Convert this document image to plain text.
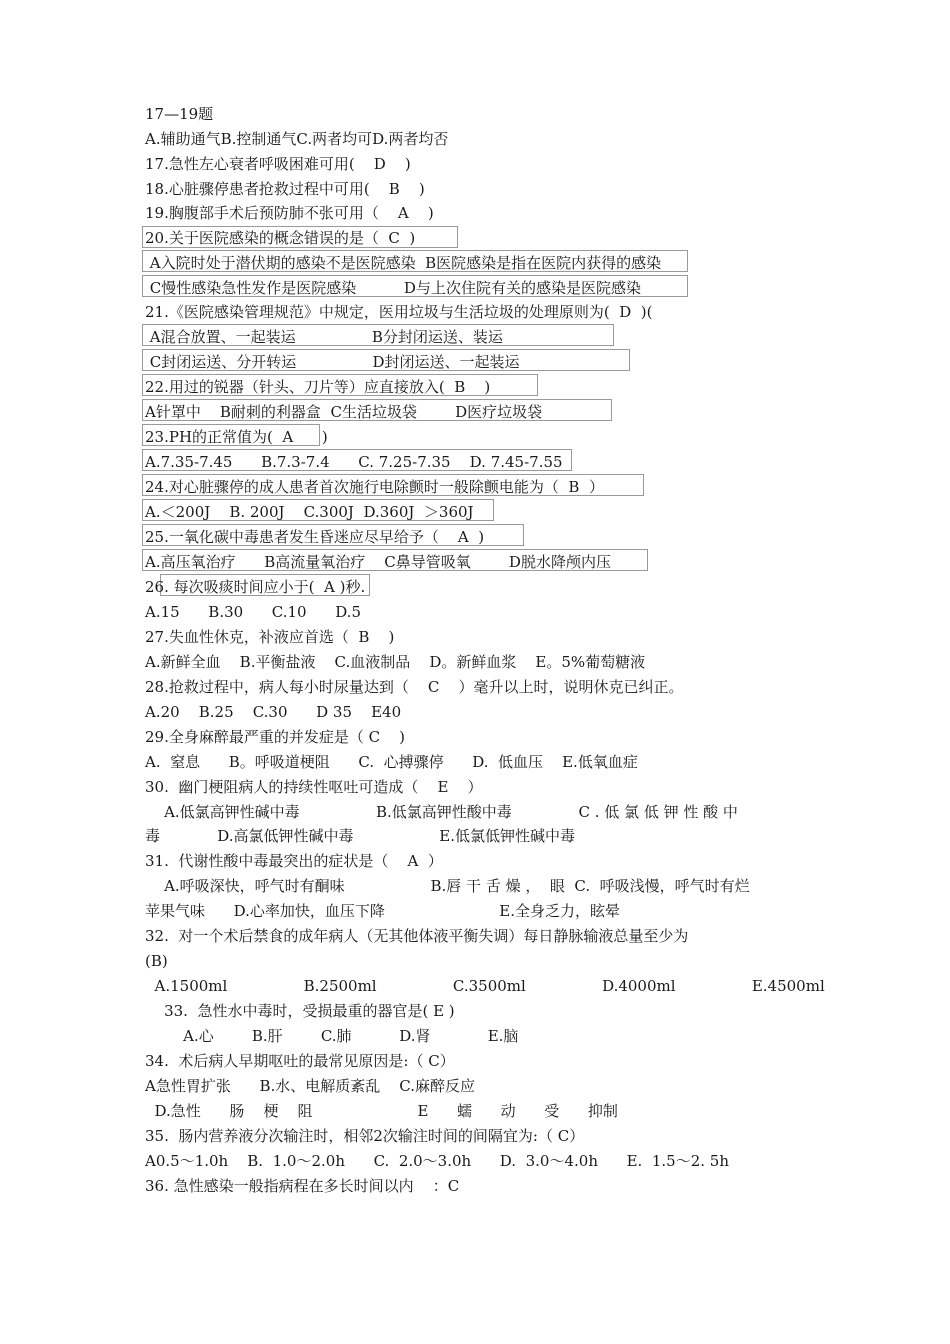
17—19题
A.辅助通气B.控制通气C.两者均可D.两者均否
17.急性左心衰者呼吸困难可用(    D    )
18.心脏骤停患者抢救过程中可用(    B    )
19.胸腹部手术后预防肺不张可用（    A    )
20.关于医院感染的概念错误的是（  C  )
A入院时处于潜伏期的感染不是医院感染  B医院感染是指在医院内获得的感染
C慢性感染急性发作是医院感染          D与上次住院有关的感染是医院感染
21.《医院感染管理规范》中规定，医用垃圾与生活垃圾的处理原则为(  D  )(
A混合放置、一起装运                B分封闭运送、装运
C封闭运送、分开转运                D封闭运送、一起装运
22.用过的锐器（针头、刀片等）应直接放入(  B    )
A针罩中    B耐刺的利器盒  C生活垃圾袋        D医疗垃圾袋
23.PH的正常值为(  A      )
A.7.35-7.45      B.7.3-7.4      C. 7.25-7.35    D. 7.45-7.55
24.对心脏骤停的成人患者首次施行电除颤时一般除颤电能为（  B  ）
A.＜200J    B. 200J    C.300J  D.360J  ＞360J
25.一氧化碳中毒患者发生昏迷应尽早给予（    A  )
A.高压氧治疗      B高流量氧治疗    C鼻导管吸氧        D脱水降颅内压
26. 每次吸痰时间应小于(  A )秒.
A.15      B.30      C.10      D.5
27.失血性休克，补液应首选（  B    )
A.新鲜全血    B.平衡盐液    C.血液制品    D。新鲜血浆    E。5%葡萄糖液
28.抢救过程中，病人每小时尿量达到（    C    ）毫升以上时，说明休克已纠正。
A.20    B.25    C.30      D 35    E40
29.全身麻醉最严重的并发症是（ C    )
A.  窒息      B。呼吸道梗阻      C.  心搏骤停      D.  低血压    E.低氧血症
30.  幽门梗阻病人的持续性呕吐可造成（    E    ）
A.低氯高钾性碱中毒                B.低氯高钾性酸中毒              C . 低 氯 低 钾 性 酸 中
毒            D.高氯低钾性碱中毒                  E.低氯低钾性碱中毒
31.  代谢性酸中毒最突出的症状是（    A  ）
A.呼吸深快，呼气时有酮味                  B.唇 干 舌 燥 ，  眼  C.  呼吸浅慢，呼气时有烂
苹果气味      D.心率加快，血压下降                        E.全身乏力，眩晕
32.  对一个术后禁食的成年病人（无其他体液平衡失调）每日静脉输液总量至少为
(B)
A.1500ml                B.2500ml                C.3500ml                D.4000ml                E.4500ml
33.  急性水中毒时，受损最重的器官是( E )
A.心        B.肝        C.肺          D.肾            E.脑
34.  术后病人早期呕吐的最常见原因是:（ C）
A急性胃扩张      B.水、电解质紊乱    C.麻醉反应
D.急性      肠    梗    阻                      E      蠕      动      受      抑制
35.  肠内营养液分次输注时，相邻2次输注时间的间隔宜为:（ C）
A0.5～1.0h    B.  1.0～2.0h      C.  2.0～3.0h      D.  3.0～4.0h      E.  1.5～2. 5h
36. 急性感染一般指病程在多长时间以内    ：C
